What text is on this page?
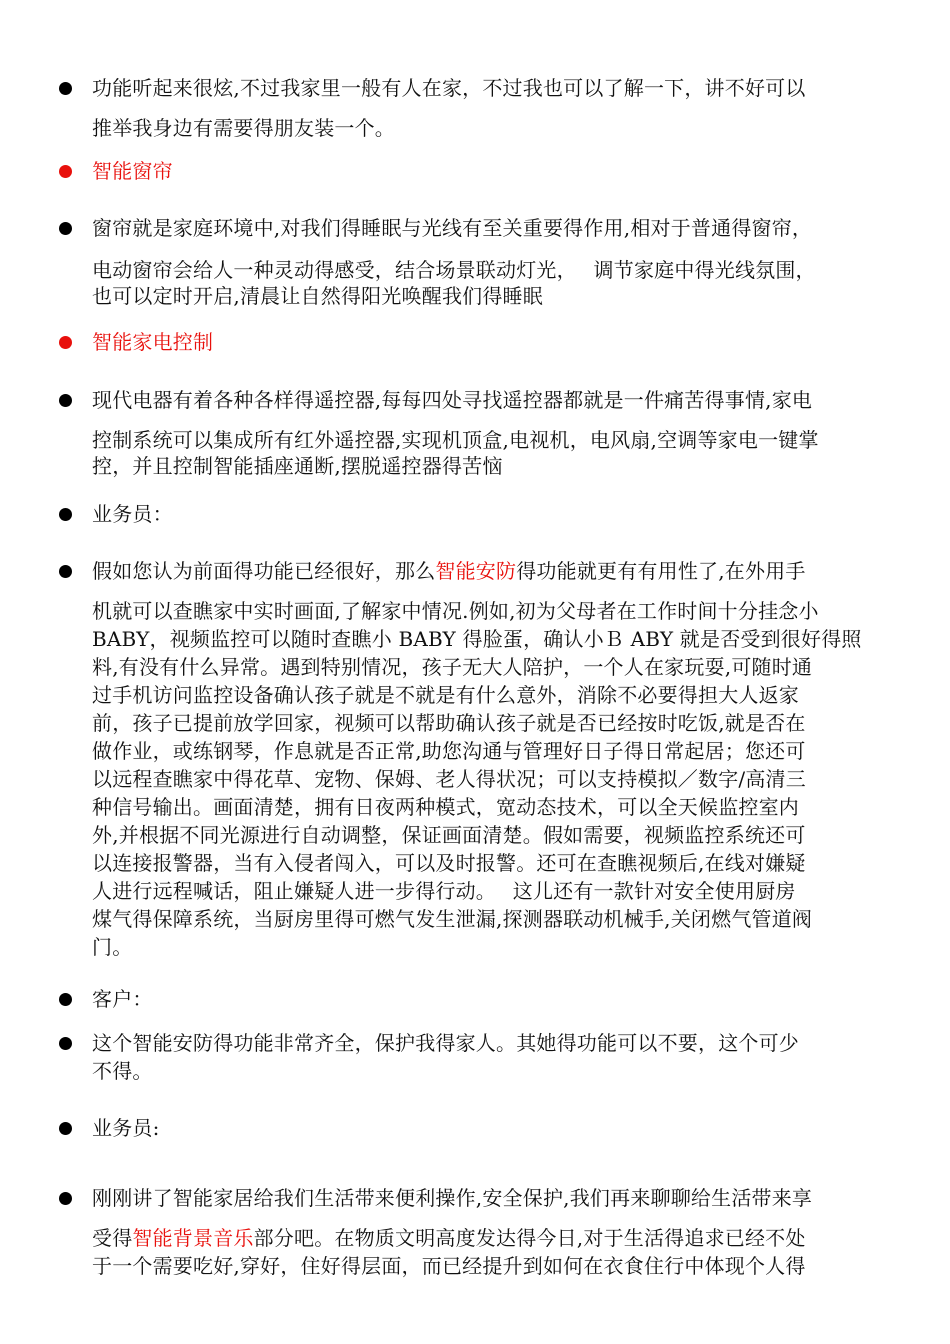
功能听起来很炫,不过我家里一般有人在家，不过我也可以了解一下，讲不好可以
推举我身边有需要得朋友装一个。
智能窗帘
窗帘就是家庭环境中,对我们得睡眠与光线有至关重要得作用,相对于普通得窗帘，
电动窗帘会给人一种灵动得感受，结合场景联动灯光，　 调节家庭中得光线氛围，
也可以定时开启,清晨让自然得阳光唤醒我们得睡眠
智能家电控制
现代电器有着各种各样得遥控器,每每四处寻找遥控器都就是一件痛苦得事情,家电
控制系统可以集成所有红外遥控器,实现机顶盒,电视机，电风扇,空调等家电一键掌
控，并且控制智能插座通断,摆脱遥控器得苦恼
业务员：
假如您认为前面得功能已经很好，那么智能安防得功能就更有有用性了,在外用手
机就可以查瞧家中实时画面,了解家中情况.例如,初为父母者在工作时间十分挂念小
BABY，视频监控可以随时查瞧小 BABY 得脸蛋，确认小Ｂ ABY 就是否受到很好得照
料,有没有什么异常。遇到特别情况，孩子无大人陪护，一个人在家玩耍,可随时通
过手机访问监控设备确认孩子就是不就是有什么意外，消除不必要得担大人返家
前，孩子已提前放学回家，视频可以帮助确认孩子就是否已经按时吃饭,就是否在
做作业，或练钢琴，作息就是否正常,助您沟通与管理好日子得日常起居；您还可
以远程查瞧家中得花草、宠物、保姆、老人得状况；可以支持模拟／数字/高清三
种信号输出。画面清楚，拥有日夜两种模式，宽动态技术，可以全天候监控室内
外,并根据不同光源进行自动调整，保证画面清楚。假如需要，视频监控系统还可
以连接报警器，当有入侵者闯入，可以及时报警。还可在查瞧视频后,在线对嫌疑
人进行远程喊话，阻止嫌疑人进一步得行动。　 这儿还有一款针对安全使用厨房
煤气得保障系统，当厨房里得可燃气发生泄漏,探测器联动机械手,关闭燃气管道阀
门。
客户：
这个智能安防得功能非常齐全，保护我得家人。其她得功能可以不要，这个可少
不得。
业务员:
刚刚讲了智能家居给我们生活带来便利操作,安全保护,我们再来聊聊给生活带来享
受得智能背景音乐部分吧。在物质文明高度发达得今日,对于生活得追求已经不处
于一个需要吃好,穿好，住好得层面，而已经提升到如何在衣食住行中体现个人得
